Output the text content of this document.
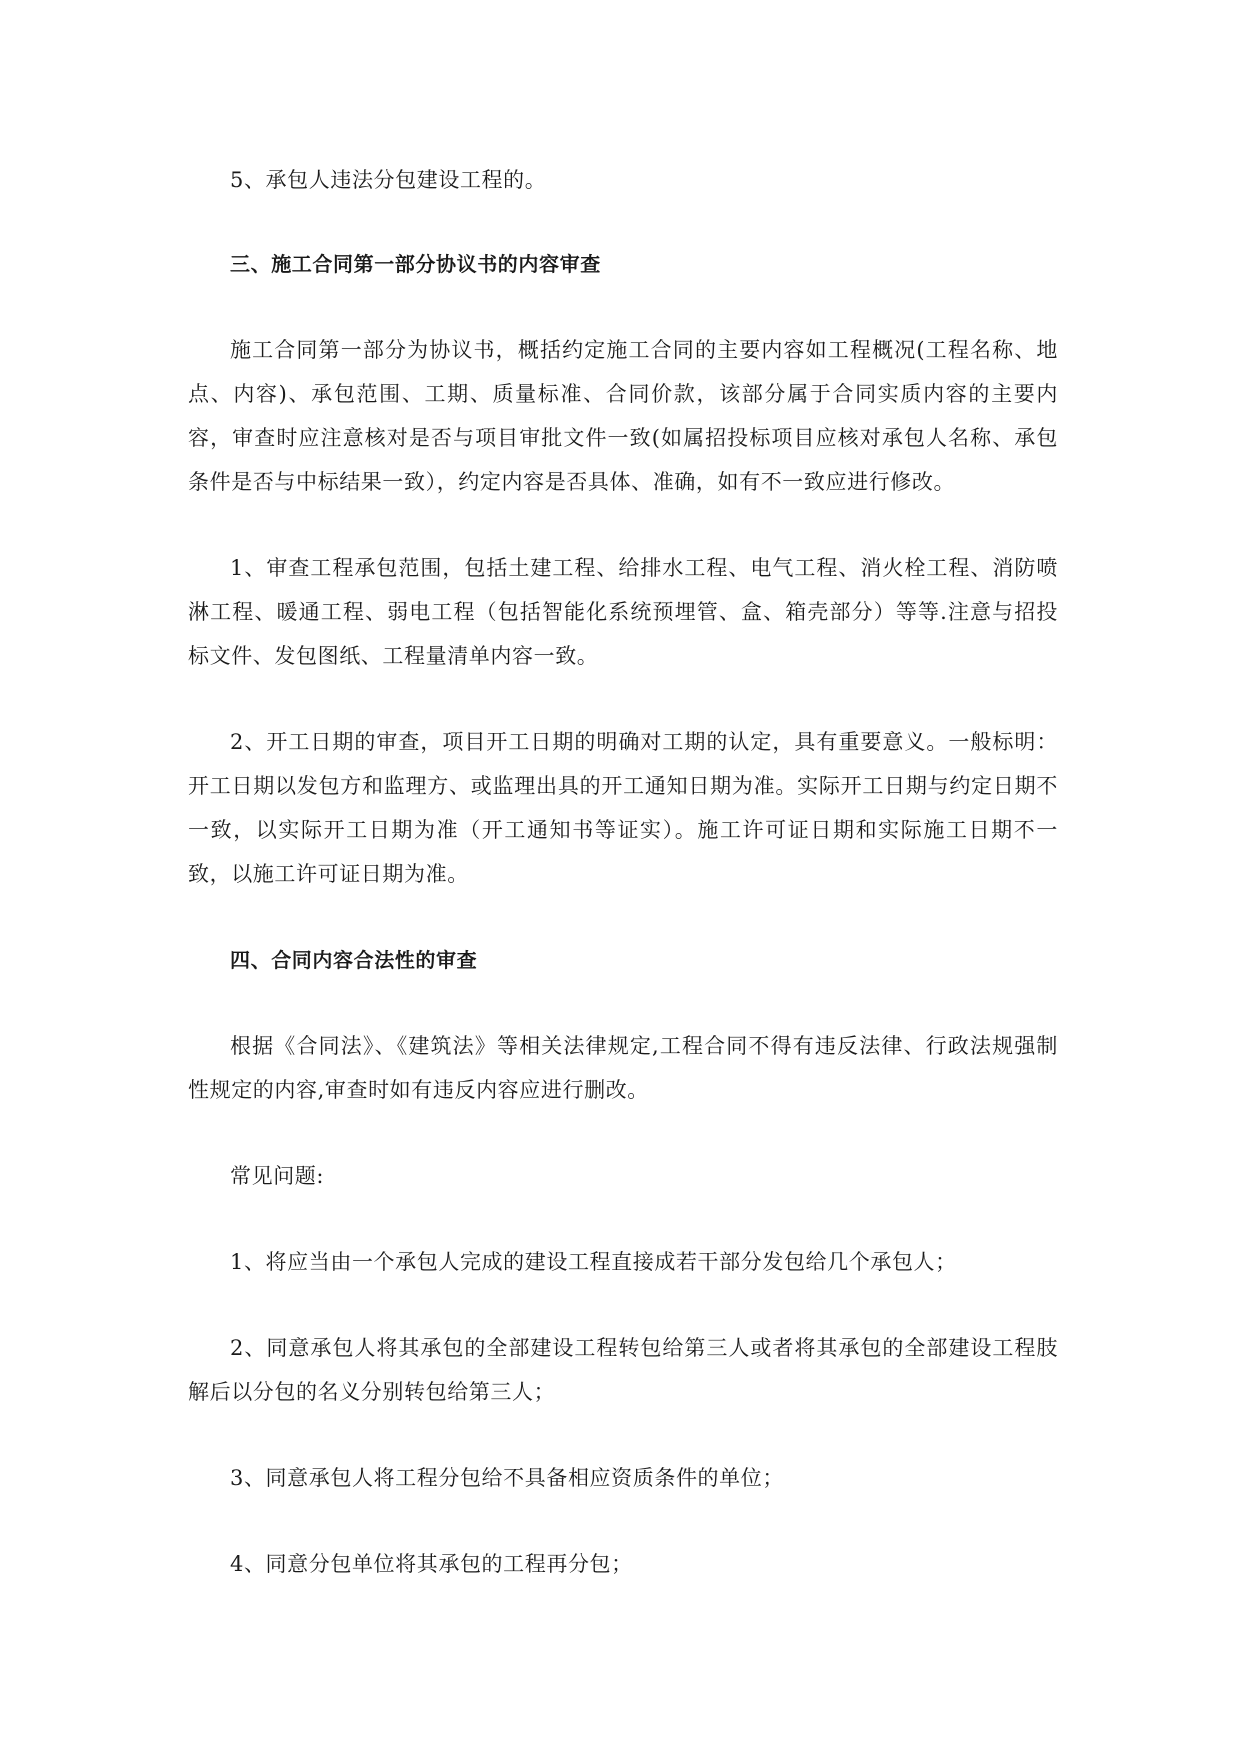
5、承包人违法分包建设工程的。

三、施工合同第一部分协议书的内容审查

施工合同第一部分为协议书，概括约定施工合同的主要内容如工程概况(工程名称、地点、内容)、承包范围、工期、质量标准、合同价款，该部分属于合同实质内容的主要内容，审查时应注意核对是否与项目审批文件一致(如属招投标项目应核对承包人名称、承包条件是否与中标结果一致），约定内容是否具体、准确，如有不一致应进行修改。

1、审查工程承包范围，包括土建工程、给排水工程、电气工程、消火栓工程、消防喷淋工程、暖通工程、弱电工程（包括智能化系统预埋管、盒、箱壳部分）等等.注意与招投标文件、发包图纸、工程量清单内容一致。

2、开工日期的审查，项目开工日期的明确对工期的认定，具有重要意义。一般标明：开工日期以发包方和监理方、或监理出具的开工通知日期为准。实际开工日期与约定日期不一致，以实际开工日期为准（开工通知书等证实）。施工许可证日期和实际施工日期不一致，以施工许可证日期为准。

四、合同内容合法性的审查

根据《合同法》、《建筑法》等相关法律规定,工程合同不得有违反法律、行政法规强制性规定的内容,审查时如有违反内容应进行删改。

常见问题:

1、将应当由一个承包人完成的建设工程直接成若干部分发包给几个承包人；

2、同意承包人将其承包的全部建设工程转包给第三人或者将其承包的全部建设工程肢解后以分包的名义分别转包给第三人；

3、同意承包人将工程分包给不具备相应资质条件的单位；

4、同意分包单位将其承包的工程再分包；
